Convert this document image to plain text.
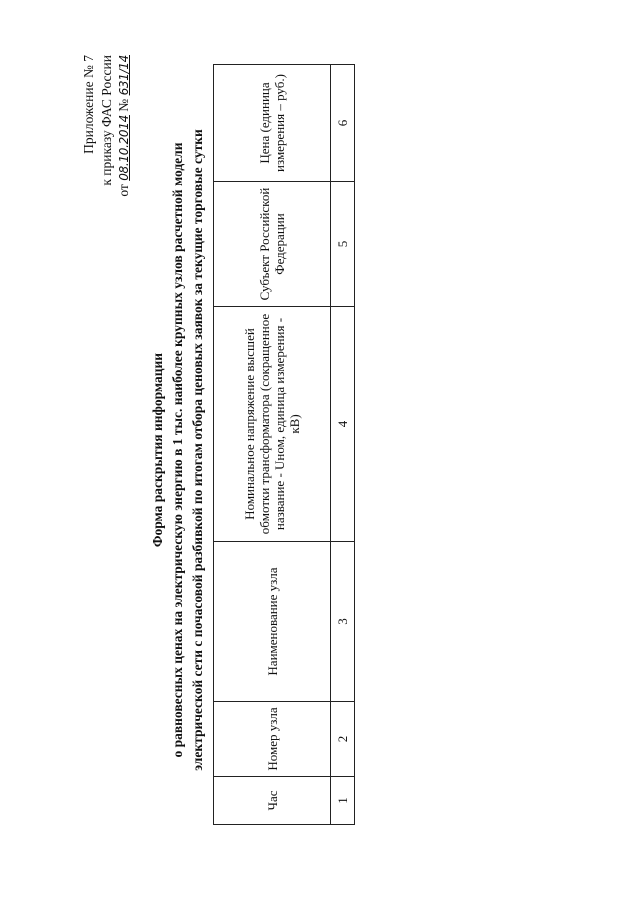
Приложение № 7 к приказу ФАС России
от 08.10.2014 № 631/14
Форма раскрытия информации о равновесных ценах на электрическую энергию в 1 тыс. наиболее крупных узлов расчетной модели электрической сети с почасовой разбивкой по итогам отбора ценовых заявок за текущие торговые сутки
Час	Номер узла	Наименование узла	Номинальное напряжение высшей обмотки трансформатора (сокращенное название - Uном, единица измерения - кВ)	Субъект Российской Федерации	Цена (единица измерения – руб.)
1	2	3	4	5	6
